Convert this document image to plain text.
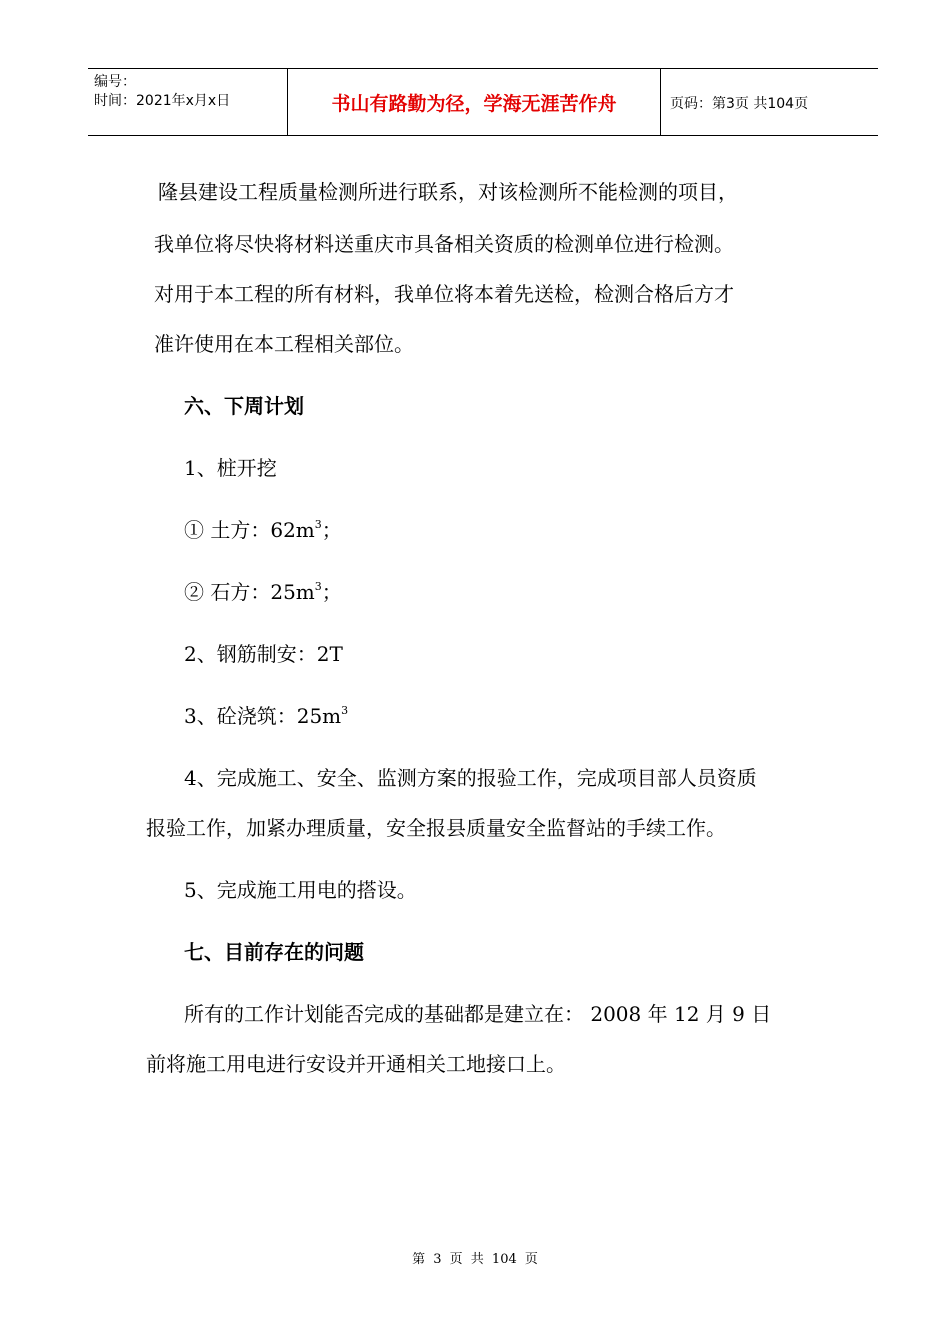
编号：
时间：2021年x月x日	书山有路勤为径，学海无涯苦作舟	页码：第3页 共104页
隆县建设工程质量检测所进行联系，对该检测所不能检测的项目，
我单位将尽快将材料送重庆市具备相关资质的检测单位进行检测。
对用于本工程的所有材料，我单位将本着先送检，检测合格后方才
准许使用在本工程相关部位。
六、下周计划
1、桩开挖
① 土方：$62m^3$；
② 石方：$25m^3$；
2、钢筋制安：2T
3、砼浇筑：$25m^3$
4、完成施工、安全、监测方案的报验工作，完成项目部人员资质
报验工作，加紧办理质量，安全报县质量安全监督站的手续工作。
5、完成施工用电的搭设。
七、目前存在的问题
所有的工作计划能否完成的基础都是建立在： 2008 年 12 月 9 日
前将施工用电进行安设并开通相关工地接口上。
第 3 页 共 104 页
